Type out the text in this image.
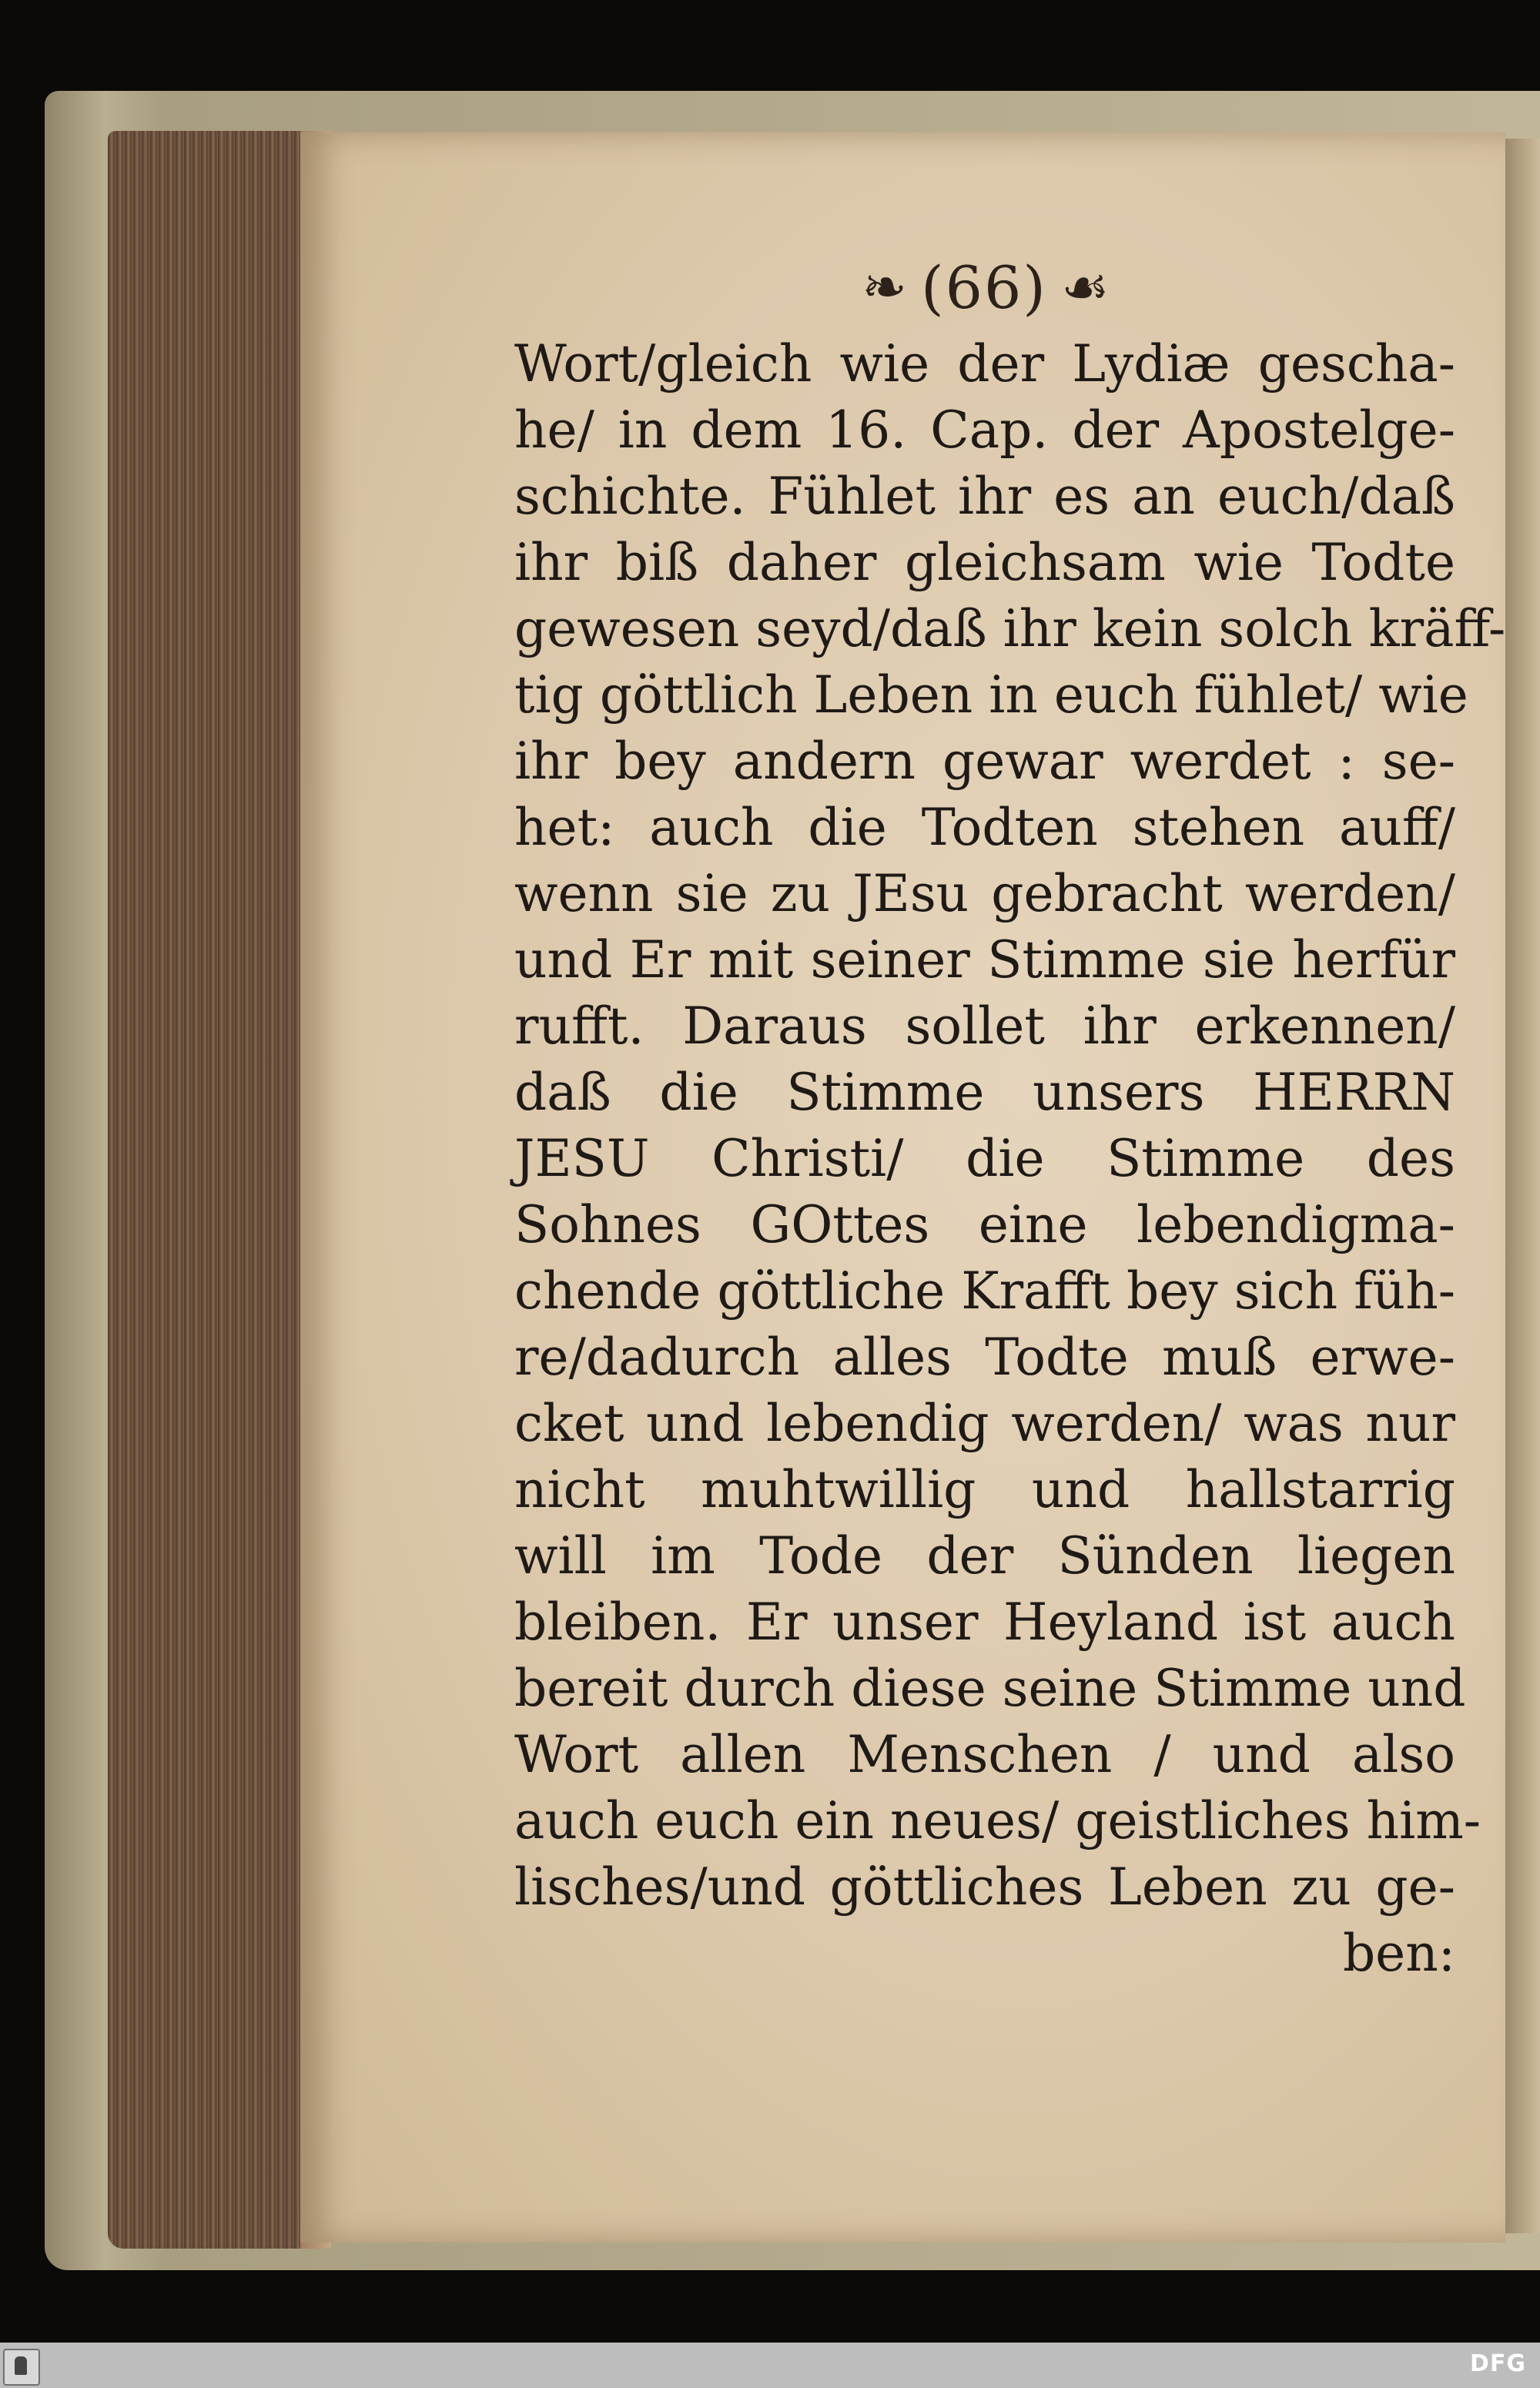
❧ (66) ☙
Wort/gleich wie der Lydiæ gescha-
he/ in dem 16. Cap. der Apostelge-
schichte. Fühlet ihr es an euch/daß
ihr biß daher gleichsam wie Todte
gewesen seyd/daß ihr kein solch kräff-
tig göttlich Leben in euch fühlet/ wie
ihr bey andern gewar werdet : se-
het: auch die Todten stehen auff/
wenn sie zu JEsu gebracht werden/
und Er mit seiner Stimme sie herfür
rufft. Daraus sollet ihr erkennen/
daß die Stimme unsers HERRN
JESU Christi/ die Stimme des
Sohnes GOttes eine lebendigma-
chende göttliche Krafft bey sich füh-
re/dadurch alles Todte muß erwe-
cket und lebendig werden/ was nur
nicht muhtwillig und hallstarrig
will im Tode der Sünden liegen
bleiben. Er unser Heyland ist auch
bereit durch diese seine Stimme und
Wort allen Menschen / und also
auch euch ein neues/ geistliches him-
lisches/und göttliches Leben zu ge-
ben:
DFG
